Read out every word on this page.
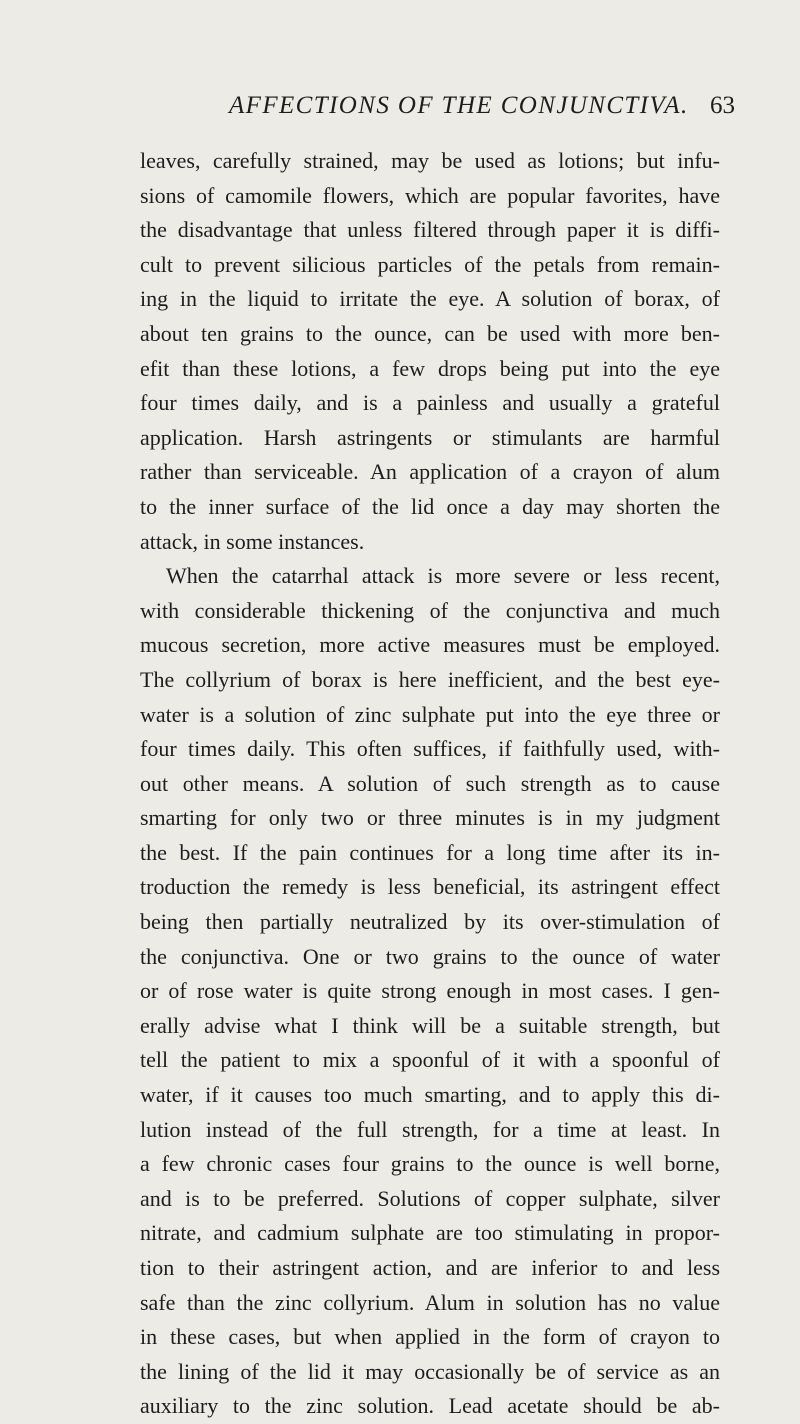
AFFECTIONS OF THE CONJUNCTIVA. 63
leaves, carefully strained, may be used as lotions; but infu-
sions of camomile flowers, which are popular favorites, have
the disadvantage that unless filtered through paper it is diffi-
cult to prevent silicious particles of the petals from remain-
ing in the liquid to irritate the eye. A solution of borax, of
about ten grains to the ounce, can be used with more ben-
efit than these lotions, a few drops being put into the eye
four times daily, and is a painless and usually a grateful
application. Harsh astringents or stimulants are harmful
rather than serviceable. An application of a crayon of alum
to the inner surface of the lid once a day may shorten the
attack, in some instances.
When the catarrhal attack is more severe or less recent,
with considerable thickening of the conjunctiva and much
mucous secretion, more active measures must be employed.
The collyrium of borax is here inefficient, and the best eye-
water is a solution of zinc sulphate put into the eye three or
four times daily. This often suffices, if faithfully used, with-
out other means. A solution of such strength as to cause
smarting for only two or three minutes is in my judgment
the best. If the pain continues for a long time after its in-
troduction the remedy is less beneficial, its astringent effect
being then partially neutralized by its over-stimulation of
the conjunctiva. One or two grains to the ounce of water
or of rose water is quite strong enough in most cases. I gen-
erally advise what I think will be a suitable strength, but
tell the patient to mix a spoonful of it with a spoonful of
water, if it causes too much smarting, and to apply this di-
lution instead of the full strength, for a time at least. In
a few chronic cases four grains to the ounce is well borne,
and is to be preferred. Solutions of copper sulphate, silver
nitrate, and cadmium sulphate are too stimulating in propor-
tion to their astringent action, and are inferior to and less
safe than the zinc collyrium. Alum in solution has no value
in these cases, but when applied in the form of crayon to
the lining of the lid it may occasionally be of service as an
auxiliary to the zinc solution. Lead acetate should be ab-
